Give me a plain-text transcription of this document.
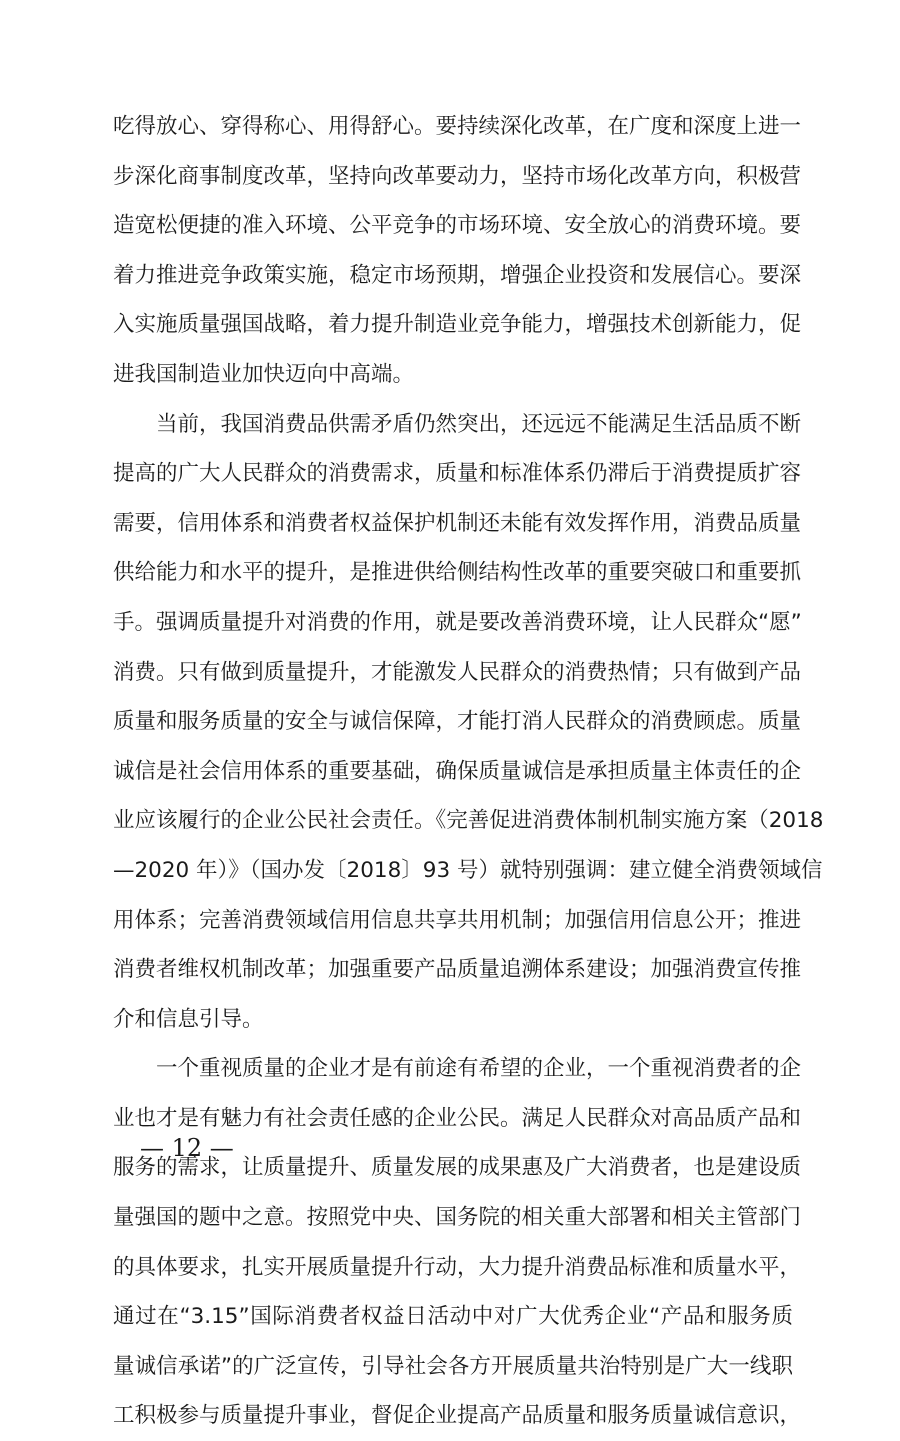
吃得放心、穿得称心、用得舒心。要持续深化改革，在广度和深度上进一
步深化商事制度改革，坚持向改革要动力，坚持市场化改革方向，积极营
造宽松便捷的准入环境、公平竞争的市场环境、安全放心的消费环境。要
着力推进竞争政策实施，稳定市场预期，增强企业投资和发展信心。要深
入实施质量强国战略，着力提升制造业竞争能力，增强技术创新能力，促
进我国制造业加快迈向中高端。
当前，我国消费品供需矛盾仍然突出，还远远不能满足生活品质不断
提高的广大人民群众的消费需求，质量和标准体系仍滞后于消费提质扩容
需要，信用体系和消费者权益保护机制还未能有效发挥作用，消费品质量
供给能力和水平的提升，是推进供给侧结构性改革的重要突破口和重要抓
手。强调质量提升对消费的作用，就是要改善消费环境，让人民群众“愿”
消费。只有做到质量提升，才能激发人民群众的消费热情；只有做到产品
质量和服务质量的安全与诚信保障，才能打消人民群众的消费顾虑。质量
诚信是社会信用体系的重要基础，确保质量诚信是承担质量主体责任的企
业应该履行的企业公民社会责任。《完善促进消费体制机制实施方案（2018
—2020 年）》（国办发〔2018〕93 号）就特别强调：建立健全消费领域信
用体系；完善消费领域信用信息共享共用机制；加强信用信息公开；推进
消费者维权机制改革；加强重要产品质量追溯体系建设；加强消费宣传推
介和信息引导。
一个重视质量的企业才是有前途有希望的企业，一个重视消费者的企
业也才是有魅力有社会责任感的企业公民。满足人民群众对高品质产品和
服务的需求，让质量提升、质量发展的成果惠及广大消费者，也是建设质
量强国的题中之意。按照党中央、国务院的相关重大部署和相关主管部门
的具体要求，扎实开展质量提升行动，大力提升消费品标准和质量水平，
通过在“3.15”国际消费者权益日活动中对广大优秀企业“产品和服务质
量诚信承诺”的广泛宣传，引导社会各方开展质量共治特别是广大一线职
工积极参与质量提升事业，督促企业提高产品质量和服务质量诚信意识，
— 12 —
